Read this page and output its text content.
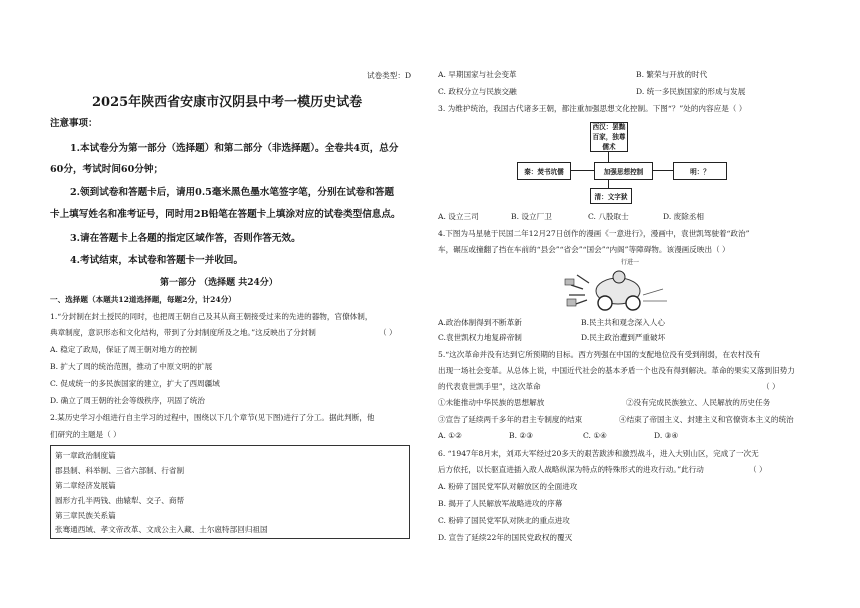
试卷类型：D
2025年陕西省安康市汉阴县中考一模历史试卷
注意事项：
1.本试卷分为第一部分（选择题）和第二部分（非选择题）。全卷共4页，总分
60分，考试时间60分钟；
2.领到试卷和答题卡后，请用0.5毫米黑色墨水笔签字笔，分别在试卷和答题
卡上填写姓名和准考证号，同时用2B铅笔在答题卡上填涂对应的试卷类型信息点。
3.请在答题卡上各题的指定区域作答，否则作答无效。
4.考试结束，本试卷和答题卡一并收回。
第一部分 （选择题 共24分）
一、选择题（本题共12道选择题，每题2分，计24分）
1.“分封制在封土授民的同时，也把周王朝自己及其从商王朝接受过来的先进的器物，官僚体制，
典章制度，意识形态和文化结构，带到了分封制度所及之地。”这反映出了分封制	（ ）
A. 稳定了政局，保证了周王朝对地方的控制
B. 扩大了周的统治范围，推动了中原文明的扩展
C. 促成统一的多民族国家的建立，扩大了西周疆域
D. 确立了周王朝的社会等级秩序，巩固了统治
2.某历史学习小组进行自主学习的过程中，围绕以下几个章节(见下图)进行了分工。据此判断，他
们研究的主题是（ ）
第一章政治制度篇
郡县制、科举制、三省六部制、行省制
第二章经济发展篇
圆形方孔半两钱、曲辕犁、交子、商帮
第三章民族关系篇
张骞通西域、孝文帝改革、文成公主入藏、土尔扈特部回归祖国
A. 早期国家与社会变革	B. 繁荣与开放的时代
C. 政权分立与民族交融	D. 统一多民族国家的形成与发展
3. 为维护统治，我国古代诸多王朝，都注重加强思想文化控制。下图“？”处的内容应是（ ）
西汉：罢黜百家，独尊儒术
秦：焚书坑儒	加强思想控制	明：？
清：文字狱
A. 设立三司	B. 设立厂卫	C. 八股取士	D. 废除丞相
4.下图为马星驰于民国二年12月27日创作的漫画《一意进行》，漫画中，袁世凯驾驶着“政治”
车，碾压或撞翻了挡在车前的“县会”“省会”“国会”“内阁”等障碍物。该漫画反映出（ ）
行进一
A.政治体制得到不断革新	B.民主共和观念深入人心
C.袁世凯权力地复辟帝制	D.民主政治遭到严重破坏
5.“这次革命并没有达到它所预期的目标。西方列强在中国的支配地位没有受到削弱，在农村没有
出现一场社会变革。从总体上说，中国近代社会的基本矛盾一个也没有得到解决。革命的果实又落到旧势力
的代表袁世凯手里”，这次革命	（ ）
①未能推动中华民族的思想解放	②没有完成民族独立、人民解放的历史任务
③宣告了延续两千多年的君主专制度的结束	④结束了帝国主义、封建主义和官僚资本主义的统治
A. ①②	B. ②③	C. ①④	D. ③④
6. “1947年8月末，刘邓大军经过20多天的艰苦跋涉和激烈战斗，进入大别山区，完成了一次无
后方依托，以长驱直进插入敌人战略纵深为特点的特殊形式的进攻行动。”此行动	（ ）
A. 粉碎了国民党军队对解放区的全面进攻
B. 揭开了人民解放军战略进攻的序幕
C. 粉碎了国民党军队对陕北的重点进攻
D. 宣告了延续22年的国民党政权的覆灭
